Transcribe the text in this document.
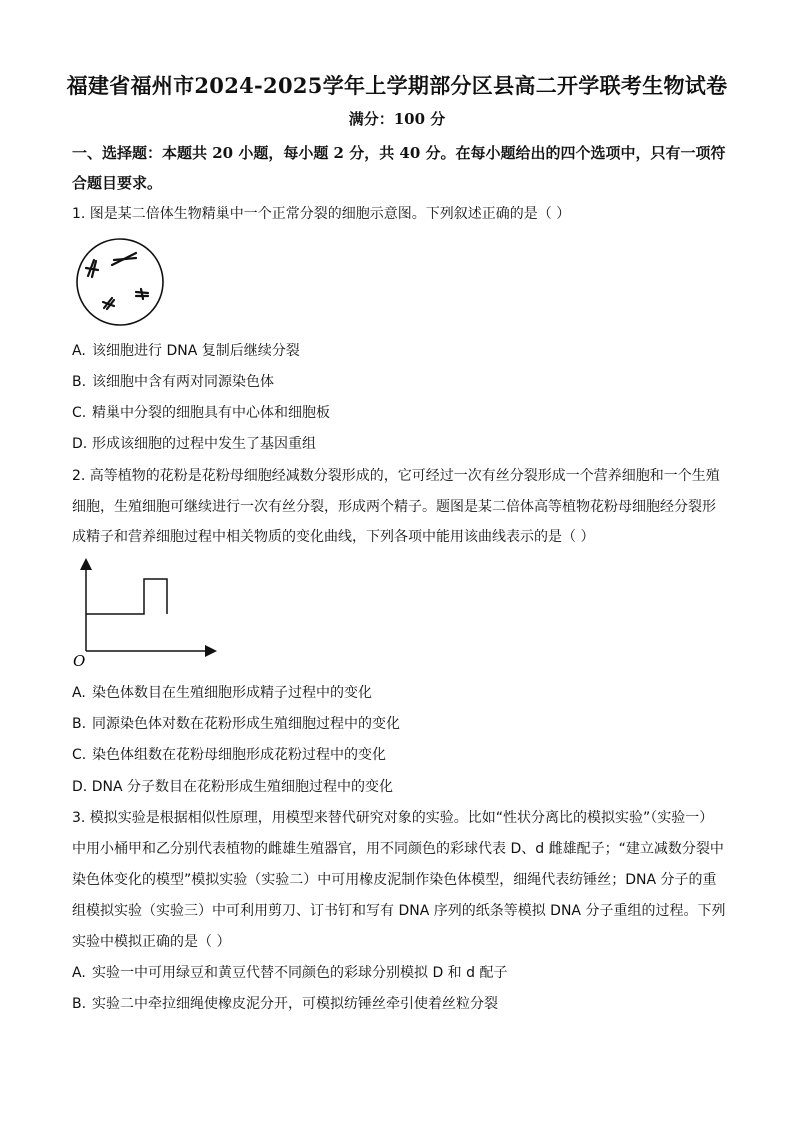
福建省福州市2024-2025学年上学期部分区县高二开学联考生物试卷
满分：100 分
一、选择题：本题共 20 小题，每小题 2 分，共 40 分。在每小题给出的四个选项中，只有一项符合题目要求。
1. 图是某二倍体生物精巢中一个正常分裂的细胞示意图。下列叙述正确的是（ ）
A. 该细胞进行 DNA 复制后继续分裂
B. 该细胞中含有两对同源染色体
C. 精巢中分裂的细胞具有中心体和细胞板
D. 形成该细胞的过程中发生了基因重组
2. 高等植物的花粉是花粉母细胞经减数分裂形成的，它可经过一次有丝分裂形成一个营养细胞和一个生殖
细胞，生殖细胞可继续进行一次有丝分裂，形成两个精子。题图是某二倍体高等植物花粉母细胞经分裂形
成精子和营养细胞过程中相关物质的变化曲线，下列各项中能用该曲线表示的是（ ）
O
A. 染色体数目在生殖细胞形成精子过程中的变化
B. 同源染色体对数在花粉形成生殖细胞过程中的变化
C. 染色体组数在花粉母细胞形成花粉过程中的变化
D. DNA 分子数目在花粉形成生殖细胞过程中的变化
3. 模拟实验是根据相似性原理，用模型来替代研究对象的实验。比如“性状分离比的模拟实验”（实验一）
中用小桶甲和乙分别代表植物的雌雄生殖器官，用不同颜色的彩球代表 D、d 雌雄配子；“建立减数分裂中
染色体变化的模型”模拟实验（实验二）中可用橡皮泥制作染色体模型，细绳代表纺锤丝；DNA 分子的重
组模拟实验（实验三）中可利用剪刀、订书钉和写有 DNA 序列的纸条等模拟 DNA 分子重组的过程。下列
实验中模拟正确的是（ ）
A. 实验一中可用绿豆和黄豆代替不同颜色的彩球分别模拟 D 和 d 配子
B. 实验二中牵拉细绳使橡皮泥分开，可模拟纺锤丝牵引使着丝粒分裂
